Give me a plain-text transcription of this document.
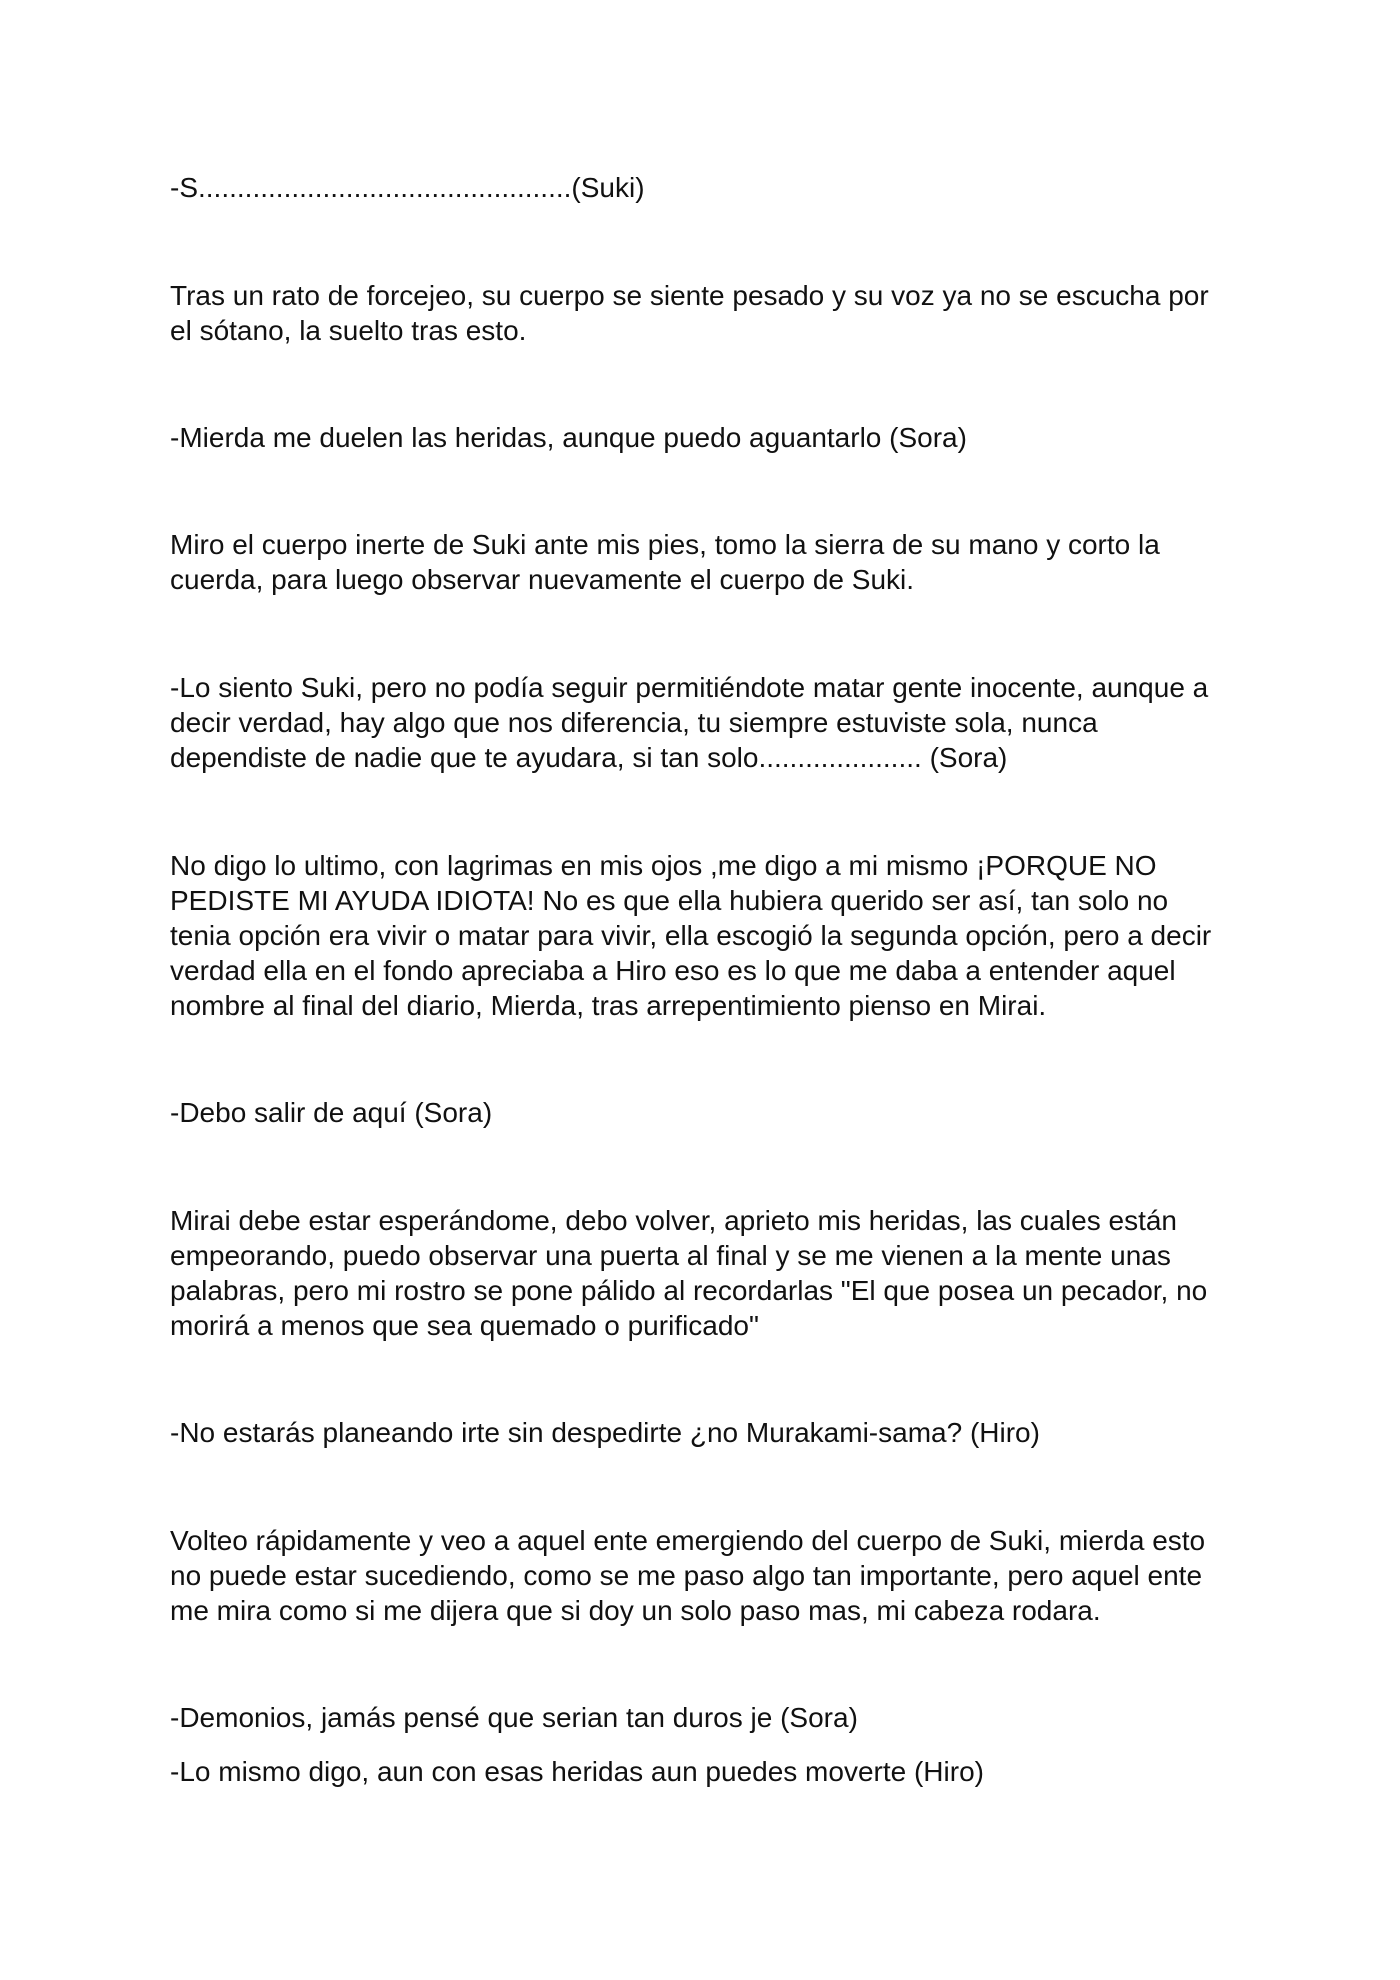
-S................................................(Suki)

Tras un rato de forcejeo, su cuerpo se siente pesado y su voz ya no se escucha por

el sótano, la suelto tras esto.

-Mierda me duelen las heridas, aunque puedo aguantarlo (Sora)

Miro el cuerpo inerte de Suki ante mis pies, tomo la sierra de su mano y corto la

cuerda, para luego observar nuevamente el cuerpo de Suki.

-Lo siento Suki, pero no podía seguir permitiéndote matar gente inocente, aunque a

decir verdad, hay algo que nos diferencia, tu siempre estuviste sola, nunca

dependiste de nadie que te ayudara, si tan solo..................... (Sora)

No digo lo ultimo, con lagrimas en mis ojos ,me digo a mi mismo ¡PORQUE NO

PEDISTE MI AYUDA IDIOTA! No es que ella hubiera querido ser así, tan solo no

tenia opción era vivir o matar para vivir, ella escogió la segunda opción, pero a decir

verdad ella en el fondo apreciaba a Hiro eso es lo que me daba a entender aquel

nombre al final del diario, Mierda, tras arrepentimiento pienso en Mirai.

-Debo salir de aquí (Sora)

Mirai debe estar esperándome, debo volver, aprieto mis heridas, las cuales están

empeorando, puedo observar una puerta al final y se me vienen a la mente unas

palabras, pero mi rostro se pone pálido al recordarlas "El que posea un pecador, no

morirá a menos que sea quemado o purificado"

-No estarás planeando irte sin despedirte ¿no Murakami-sama? (Hiro)

Volteo rápidamente y veo a aquel ente emergiendo del cuerpo de Suki, mierda esto

no puede estar sucediendo, como se me paso algo tan importante, pero aquel ente

me mira como si me dijera que si doy un solo paso mas, mi cabeza rodara.

-Demonios, jamás pensé que serian tan duros je (Sora)

-Lo mismo digo, aun con esas heridas aun puedes moverte (Hiro)
